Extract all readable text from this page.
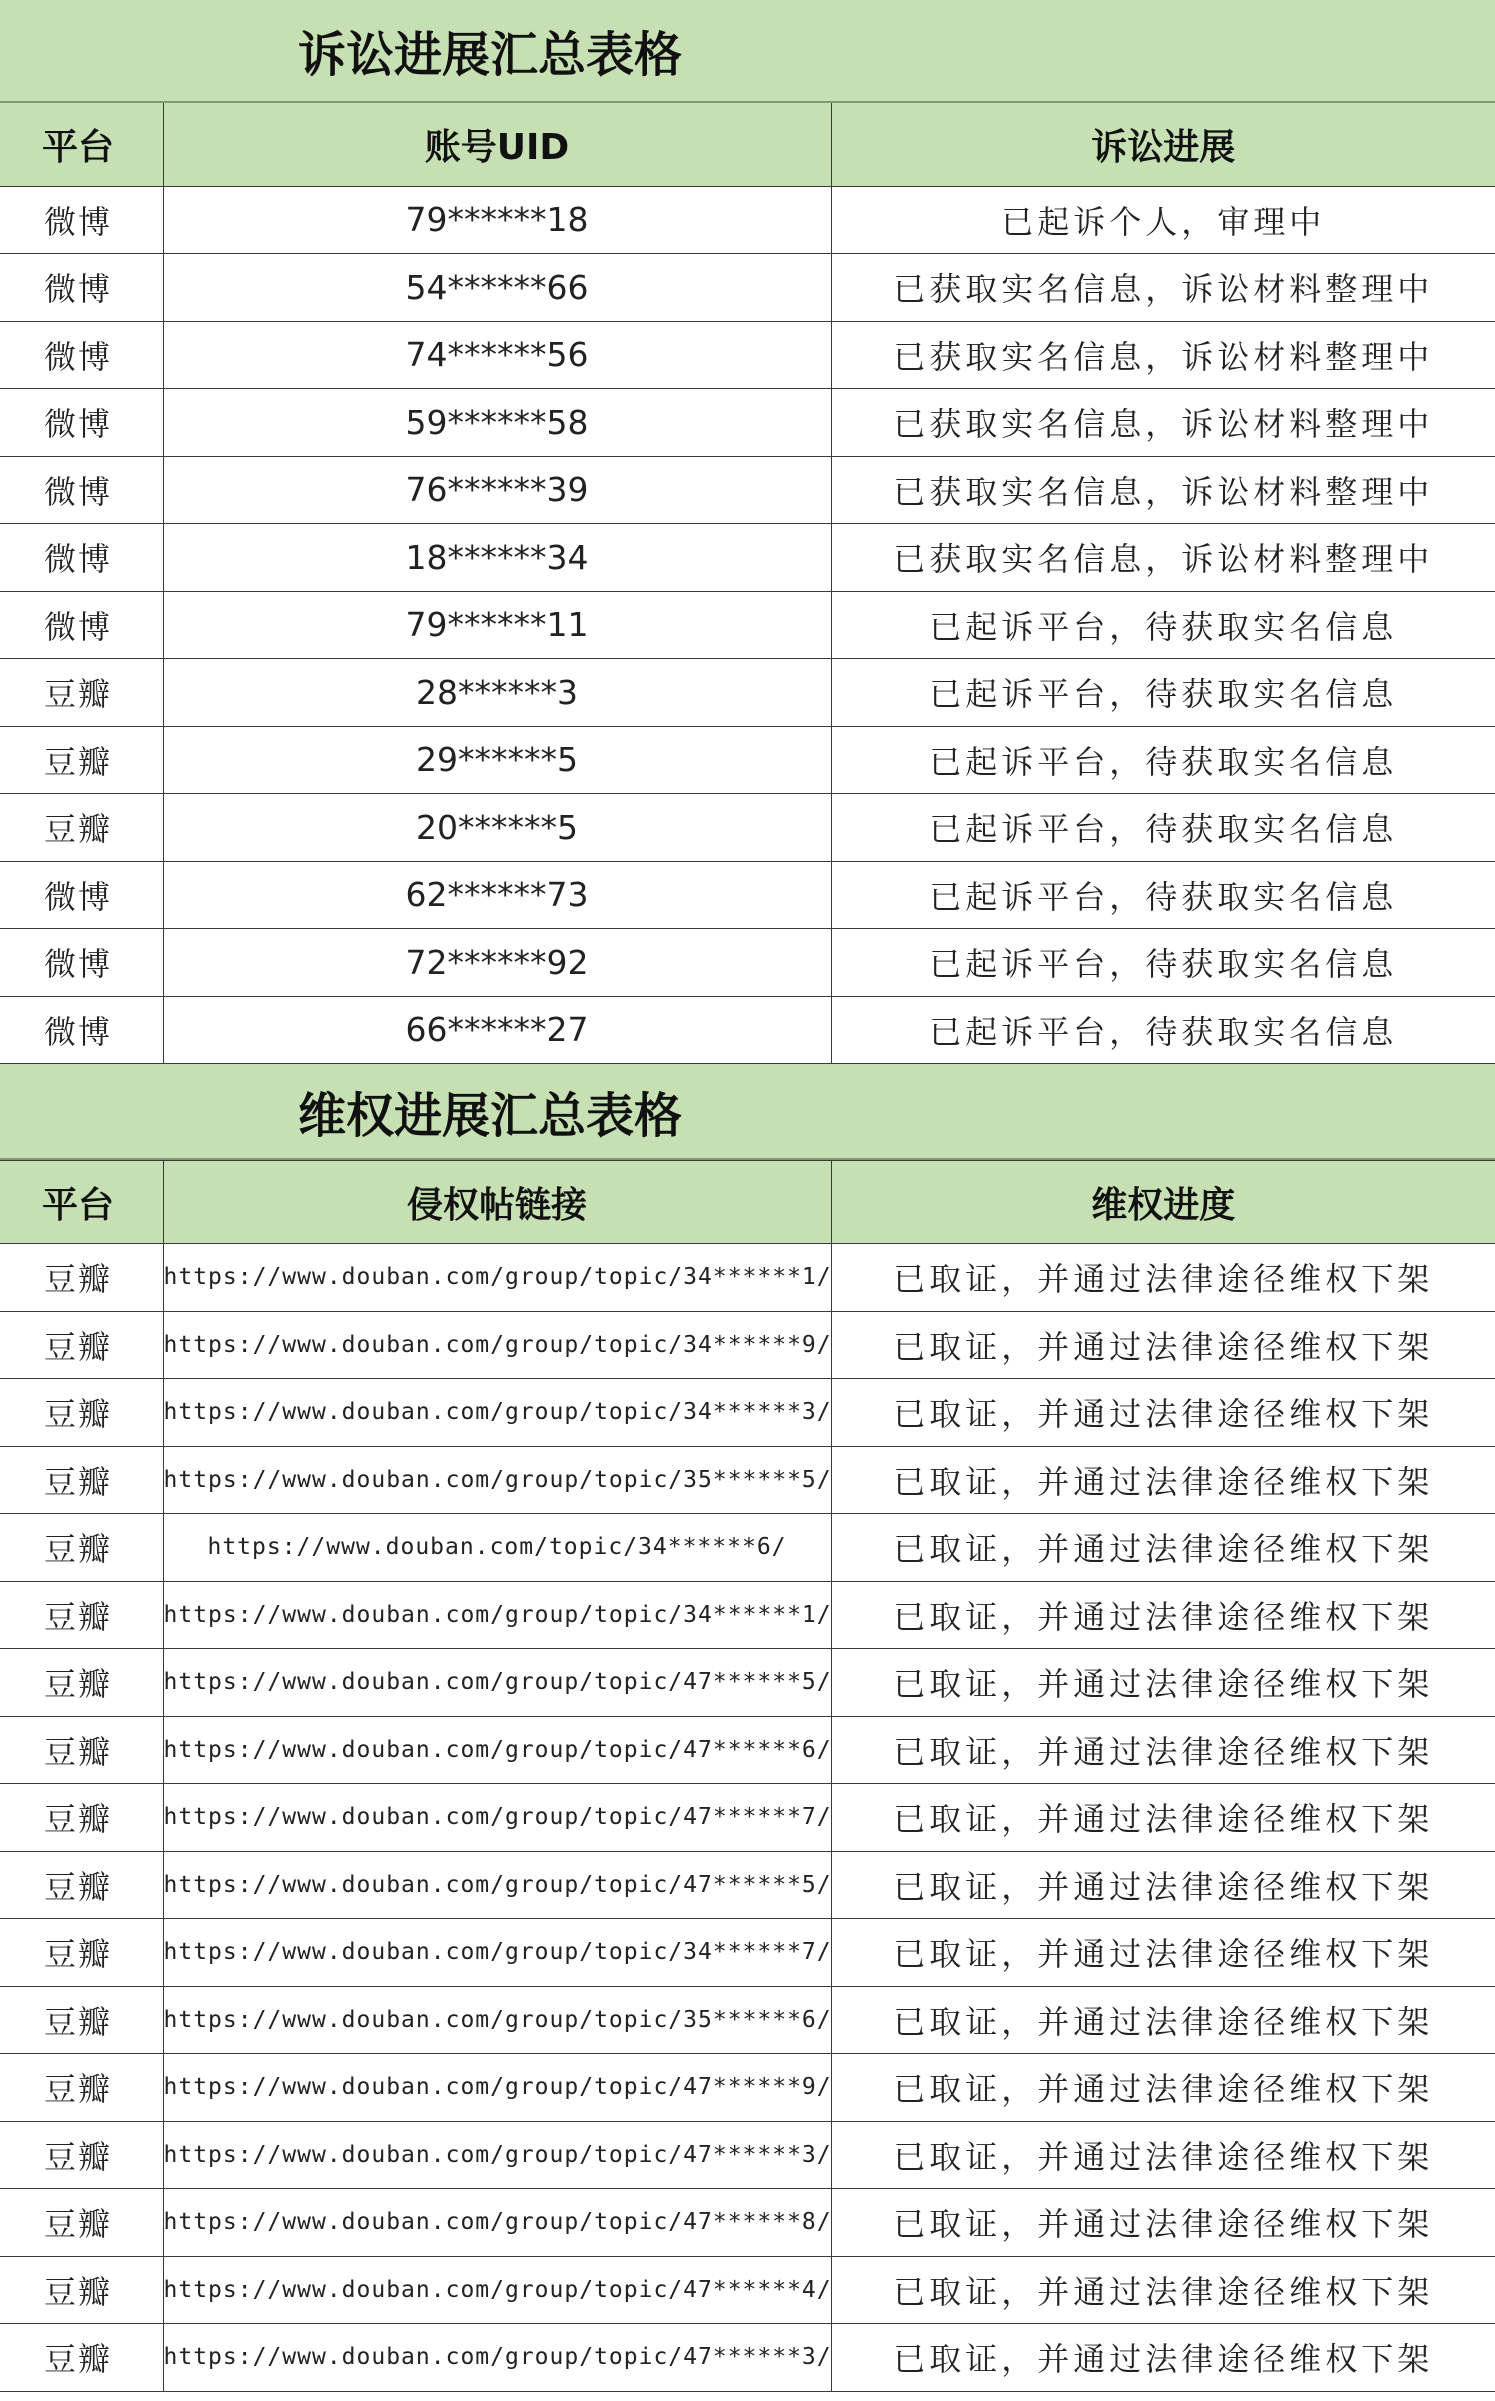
诉讼进展汇总表格
平台	账号UID	诉讼进展
微博	79******18	已起诉个人，审理中
微博	54******66	已获取实名信息，诉讼材料整理中
微博	74******56	已获取实名信息，诉讼材料整理中
微博	59******58	已获取实名信息，诉讼材料整理中
微博	76******39	已获取实名信息，诉讼材料整理中
微博	18******34	已获取实名信息，诉讼材料整理中
微博	79******11	已起诉平台，待获取实名信息
豆瓣	28******3	已起诉平台，待获取实名信息
豆瓣	29******5	已起诉平台，待获取实名信息
豆瓣	20******5	已起诉平台，待获取实名信息
微博	62******73	已起诉平台，待获取实名信息
微博	72******92	已起诉平台，待获取实名信息
微博	66******27	已起诉平台，待获取实名信息
维权进展汇总表格
平台	侵权帖链接	维权进度
豆瓣	https://www.douban.com/group/topic/34******1/	已取证，并通过法律途径维权下架
豆瓣	https://www.douban.com/group/topic/34******9/	已取证，并通过法律途径维权下架
豆瓣	https://www.douban.com/group/topic/34******3/	已取证，并通过法律途径维权下架
豆瓣	https://www.douban.com/group/topic/35******5/	已取证，并通过法律途径维权下架
豆瓣	https://www.douban.com/topic/34******6/	已取证，并通过法律途径维权下架
豆瓣	https://www.douban.com/group/topic/34******1/	已取证，并通过法律途径维权下架
豆瓣	https://www.douban.com/group/topic/47******5/	已取证，并通过法律途径维权下架
豆瓣	https://www.douban.com/group/topic/47******6/	已取证，并通过法律途径维权下架
豆瓣	https://www.douban.com/group/topic/47******7/	已取证，并通过法律途径维权下架
豆瓣	https://www.douban.com/group/topic/47******5/	已取证，并通过法律途径维权下架
豆瓣	https://www.douban.com/group/topic/34******7/	已取证，并通过法律途径维权下架
豆瓣	https://www.douban.com/group/topic/35******6/	已取证，并通过法律途径维权下架
豆瓣	https://www.douban.com/group/topic/47******9/	已取证，并通过法律途径维权下架
豆瓣	https://www.douban.com/group/topic/47******3/	已取证，并通过法律途径维权下架
豆瓣	https://www.douban.com/group/topic/47******8/	已取证，并通过法律途径维权下架
豆瓣	https://www.douban.com/group/topic/47******4/	已取证，并通过法律途径维权下架
豆瓣	https://www.douban.com/group/topic/47******3/	已取证，并通过法律途径维权下架
